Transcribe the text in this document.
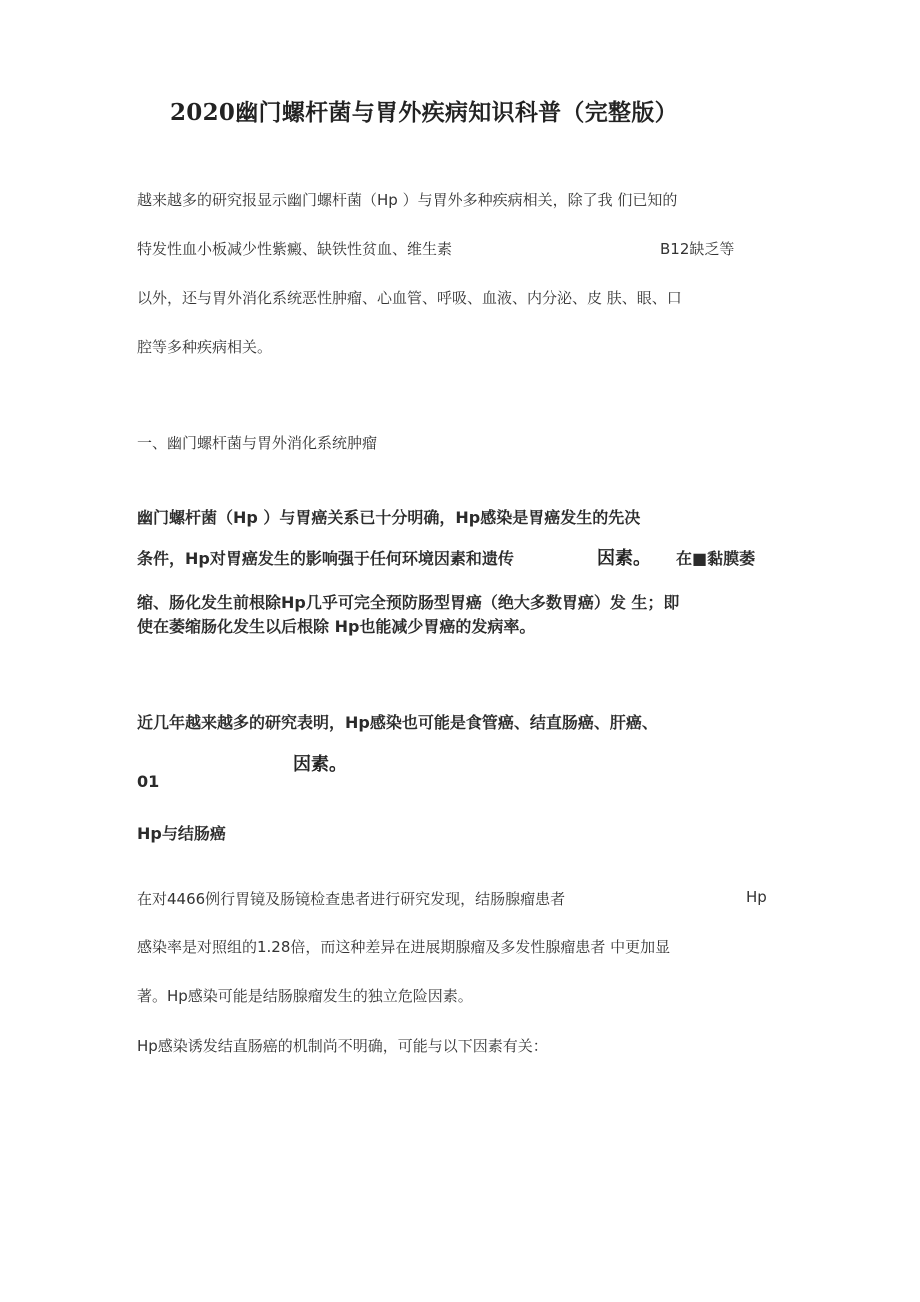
2020幽门螺杆菌与胃外疾病知识科普（完整版）
越来越多的研究报显示幽门螺杆菌（Hp ）与胃外多种疾病相关，除了我 们已知的
特发性血小板减少性紫癜、缺铁性贫血、维生素	B12缺乏等
以外，还与胃外消化系统恶性肿瘤、心血管、呼吸、血液、内分泌、皮 肤、眼、口
腔等多种疾病相关。
一、幽门螺杆菌与胃外消化系统肿瘤
幽门螺杆菌（Hp ）与胃癌关系已十分明确，Hp感染是胃癌发生的先决
条件，Hp对胃癌发生的影响强于任何环境因素和遗传	因素。 在■黏膜萎
缩、肠化发生前根除Hp几乎可完全预防肠型胃癌（绝大多数胃癌）发 生；即
使在萎缩肠化发生以后根除 Hp也能减少胃癌的发病率。
近几年越来越多的研究表明，Hp感染也可能是食管癌、结直肠癌、肝癌、
因素。
01
Hp与结肠癌
在对4466例行胃镜及肠镜检查患者进行研究发现，结肠腺瘤患者	Hp
感染率是对照组的1.28倍，而这种差异在进展期腺瘤及多发性腺瘤患者 中更加显
著。Hp感染可能是结肠腺瘤发生的独立危险因素。
Hp感染诱发结直肠癌的机制尚不明确，可能与以下因素有关：
